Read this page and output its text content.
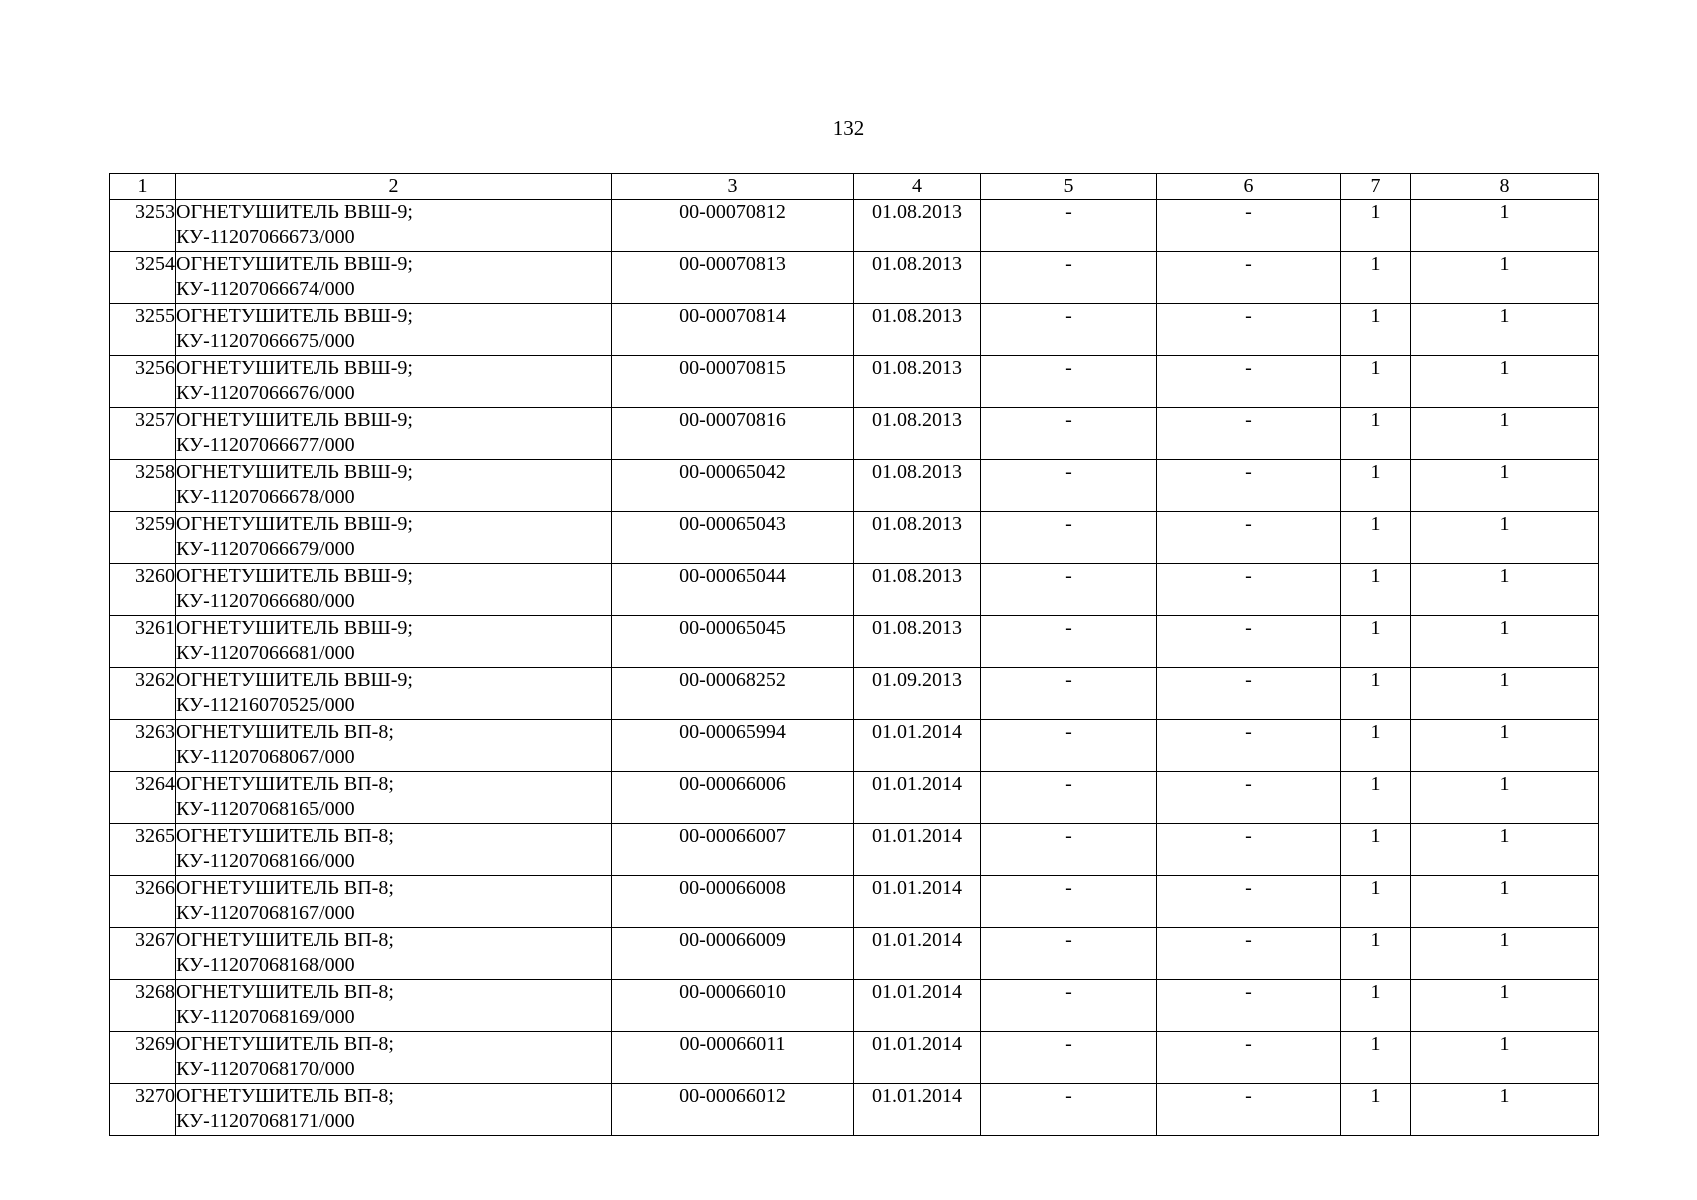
132
1	2	3	4	5	6	7	8
3253	ОГНЕТУШИТЕЛЬ ВВШ-9;
КУ-11207066673/000	00-00070812	01.08.2013	-	-	1	1
3254	ОГНЕТУШИТЕЛЬ ВВШ-9;
КУ-11207066674/000	00-00070813	01.08.2013	-	-	1	1
3255	ОГНЕТУШИТЕЛЬ ВВШ-9;
КУ-11207066675/000	00-00070814	01.08.2013	-	-	1	1
3256	ОГНЕТУШИТЕЛЬ ВВШ-9;
КУ-11207066676/000	00-00070815	01.08.2013	-	-	1	1
3257	ОГНЕТУШИТЕЛЬ ВВШ-9;
КУ-11207066677/000	00-00070816	01.08.2013	-	-	1	1
3258	ОГНЕТУШИТЕЛЬ ВВШ-9;
КУ-11207066678/000	00-00065042	01.08.2013	-	-	1	1
3259	ОГНЕТУШИТЕЛЬ ВВШ-9;
КУ-11207066679/000	00-00065043	01.08.2013	-	-	1	1
3260	ОГНЕТУШИТЕЛЬ ВВШ-9;
КУ-11207066680/000	00-00065044	01.08.2013	-	-	1	1
3261	ОГНЕТУШИТЕЛЬ ВВШ-9;
КУ-11207066681/000	00-00065045	01.08.2013	-	-	1	1
3262	ОГНЕТУШИТЕЛЬ ВВШ-9;
КУ-11216070525/000	00-00068252	01.09.2013	-	-	1	1
3263	ОГНЕТУШИТЕЛЬ ВП-8;
КУ-11207068067/000	00-00065994	01.01.2014	-	-	1	1
3264	ОГНЕТУШИТЕЛЬ ВП-8;
КУ-11207068165/000	00-00066006	01.01.2014	-	-	1	1
3265	ОГНЕТУШИТЕЛЬ ВП-8;
КУ-11207068166/000	00-00066007	01.01.2014	-	-	1	1
3266	ОГНЕТУШИТЕЛЬ ВП-8;
КУ-11207068167/000	00-00066008	01.01.2014	-	-	1	1
3267	ОГНЕТУШИТЕЛЬ ВП-8;
КУ-11207068168/000	00-00066009	01.01.2014	-	-	1	1
3268	ОГНЕТУШИТЕЛЬ ВП-8;
КУ-11207068169/000	00-00066010	01.01.2014	-	-	1	1
3269	ОГНЕТУШИТЕЛЬ ВП-8;
КУ-11207068170/000	00-00066011	01.01.2014	-	-	1	1
3270	ОГНЕТУШИТЕЛЬ ВП-8;
КУ-11207068171/000	00-00066012	01.01.2014	-	-	1	1
